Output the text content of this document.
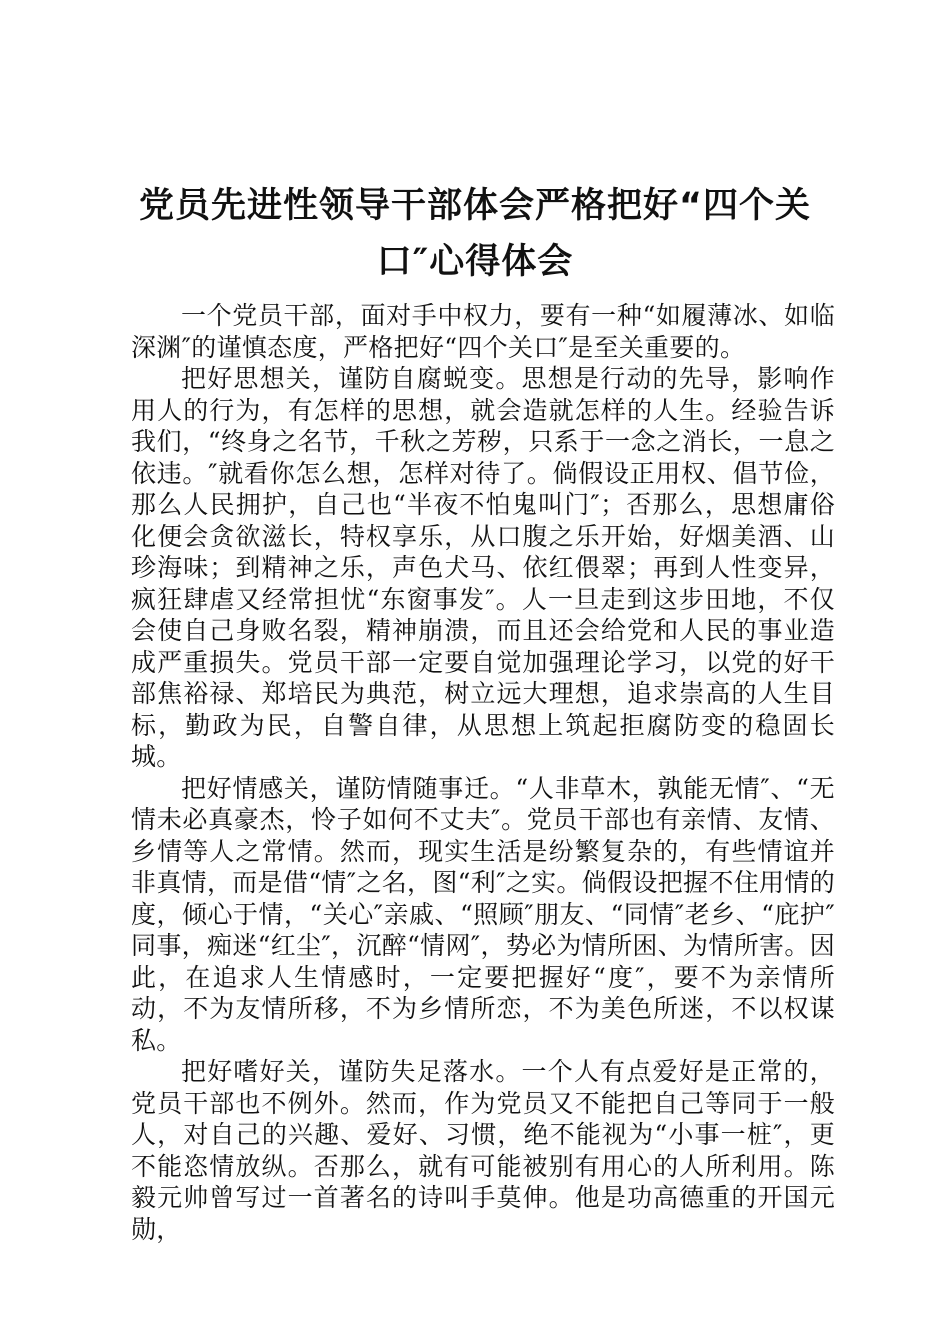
党员先进性领导干部体会严格把好“四个关
口″心得体会

一个党员干部，面对手中权力，要有一种“如履薄冰、如临深渊″的谨慎态度，严格把好“四个关口″是至关重要的。

把好思想关，谨防自腐蜕变。思想是行动的先导，影响作用人的行为，有怎样的思想，就会造就怎样的人生。经验告诉我们，“终身之名节，千秋之芳秽，只系于一念之消长，一息之依违。″就看你怎么想，怎样对待了。倘假设正用权、倡节俭，那么人民拥护，自己也“半夜不怕鬼叫门″；否那么，思想庸俗化便会贪欲滋长，特权享乐，从口腹之乐开始，好烟美酒、山珍海味；到精神之乐，声色犬马、依红偎翠；再到人性变异，疯狂肆虐又经常担忧“东窗事发″。人一旦走到这步田地，不仅会使自己身败名裂，精神崩溃，而且还会给党和人民的事业造成严重损失。党员干部一定要自觉加强理论学习，以党的好干部焦裕禄、郑培民为典范，树立远大理想，追求崇高的人生目标，勤政为民，自警自律，从思想上筑起拒腐防变的稳固长城。

把好情感关，谨防情随事迁。“人非草木，孰能无情″、“无情未必真豪杰，怜子如何不丈夫″。党员干部也有亲情、友情、乡情等人之常情。然而，现实生活是纷繁复杂的，有些情谊并非真情，而是借“情″之名，图“利″之实。倘假设把握不住用情的度，倾心于情，“关心″亲戚、“照顾″朋友、“同情″老乡、“庇护″同事，痴迷“红尘″，沉醉“情网″，势必为情所困、为情所害。因此，在追求人生情感时，一定要把握好“度″，要不为亲情所动，不为友情所移，不为乡情所恋，不为美色所迷，不以权谋私。

把好嗜好关，谨防失足落水。一个人有点爱好是正常的，党员干部也不例外。然而，作为党员又不能把自己等同于一般人，对自己的兴趣、爱好、习惯，绝不能视为“小事一桩″，更不能恣情放纵。否那么，就有可能被别有用心的人所利用。陈毅元帅曾写过一首著名的诗叫手莫伸。他是功高德重的开国元勋，
